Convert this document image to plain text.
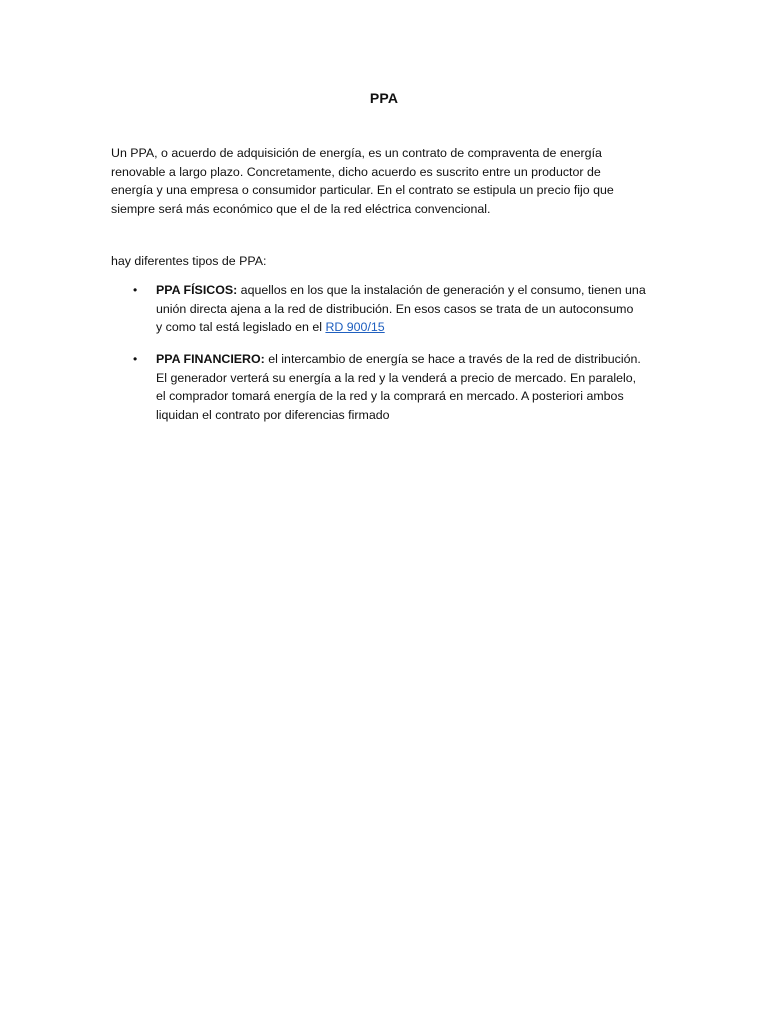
PPA
Un PPA, o acuerdo de adquisición de energía, es un contrato de compraventa de energía
renovable a largo plazo. Concretamente, dicho acuerdo es suscrito entre un productor de
energía y una empresa o consumidor particular. En el contrato se estipula un precio fijo que
siempre será más económico que el de la red eléctrica convencional.
hay diferentes tipos de PPA:
• PPA FÍSICOS: aquellos en los que la instalación de generación y el consumo, tienen una
unión directa ajena a la red de distribución. En esos casos se trata de un autoconsumo
y como tal está legislado en el RD 900/15
• PPA FINANCIERO: el intercambio de energía se hace a través de la red de distribución.
El generador verterá su energía a la red y la venderá a precio de mercado. En paralelo,
el comprador tomará energía de la red y la comprará en mercado. A posteriori ambos
liquidan el contrato por diferencias firmado
